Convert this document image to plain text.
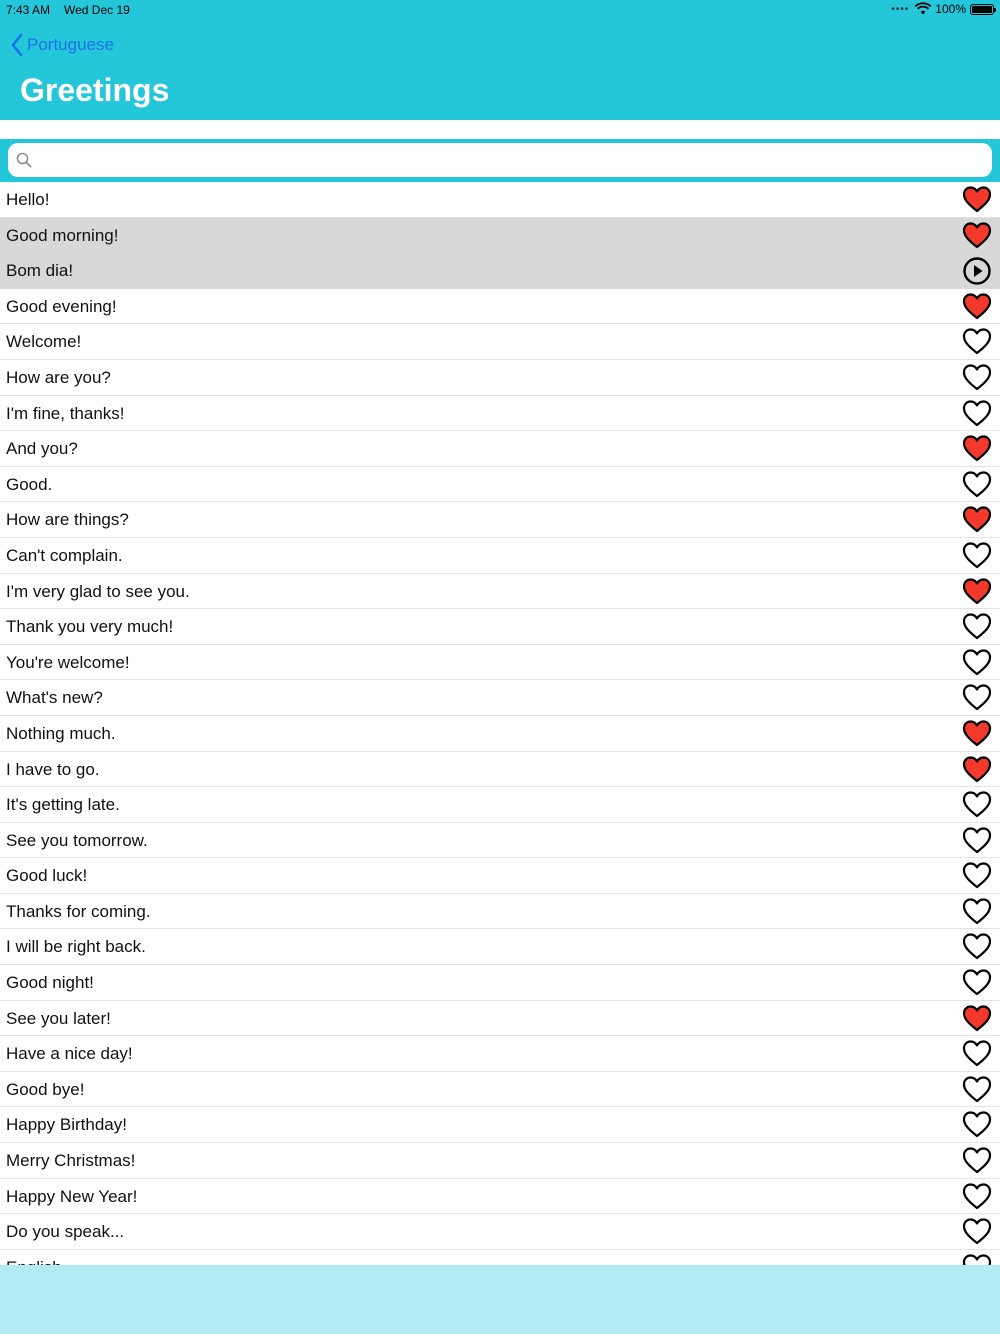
7:43 AM Wed Dec 19	•••• 100%
Portuguese
Greetings
Hello!
Good morning!
Bom dia!
Good evening!
Welcome!
How are you?
I'm fine, thanks!
And you?
Good.
How are things?
Can't complain.
I'm very glad to see you.
Thank you very much!
You're welcome!
What's new?
Nothing much.
I have to go.
It's getting late.
See you tomorrow.
Good luck!
Thanks for coming.
I will be right back.
Good night!
See you later!
Have a nice day!
Good bye!
Happy Birthday!
Merry Christmas!
Happy New Year!
Do you speak...
